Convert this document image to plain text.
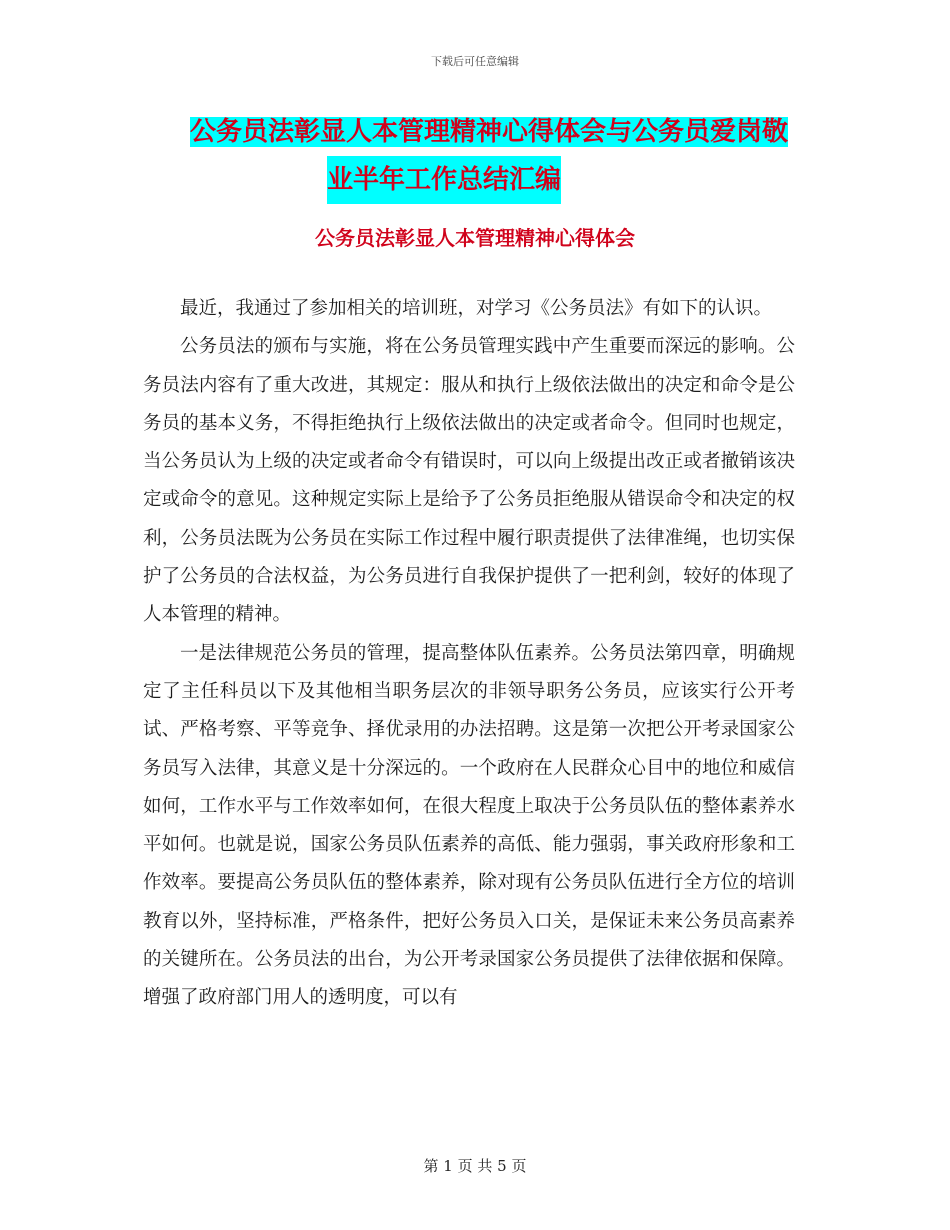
下载后可任意编辑
公务员法彰显人本管理精神心得体会与公务员爱岗敬
业半年工作总结汇编
公务员法彰显人本管理精神心得体会

最近，我通过了参加相关的培训班，对学习《公务员法》有如下的认识。

公务员法的颁布与实施，将在公务员管理实践中产生重要而深远的影响。公务员法内容有了重大改进，其规定：服从和执行上级依法做出的决定和命令是公务员的基本义务，不得拒绝执行上级依法做出的决定或者命令。但同时也规定，当公务员认为上级的决定或者命令有错误时，可以向上级提出改正或者撤销该决定或命令的意见。这种规定实际上是给予了公务员拒绝服从错误命令和决定的权利，公务员法既为公务员在实际工作过程中履行职责提供了法律准绳，也切实保护了公务员的合法权益，为公务员进行自我保护提供了一把利剑，较好的体现了人本管理的精神。

一是法律规范公务员的管理，提高整体队伍素养。公务员法第四章，明确规定了主任科员以下及其他相当职务层次的非领导职务公务员，应该实行公开考试、严格考察、平等竞争、择优录用的办法招聘。这是第一次把公开考录国家公务员写入法律，其意义是十分深远的。一个政府在人民群众心目中的地位和威信如何，工作水平与工作效率如何，在很大程度上取决于公务员队伍的整体素养水平如何。也就是说，国家公务员队伍素养的高低、能力强弱，事关政府形象和工作效率。要提高公务员队伍的整体素养，除对现有公务员队伍进行全方位的培训教育以外，坚持标准，严格条件，把好公务员入口关，是保证未来公务员高素养的关键所在。公务员法的出台，为公开考录国家公务员提供了法律依据和保障。增强了政府部门用人的透明度，可以有

第 1 页 共 5 页
